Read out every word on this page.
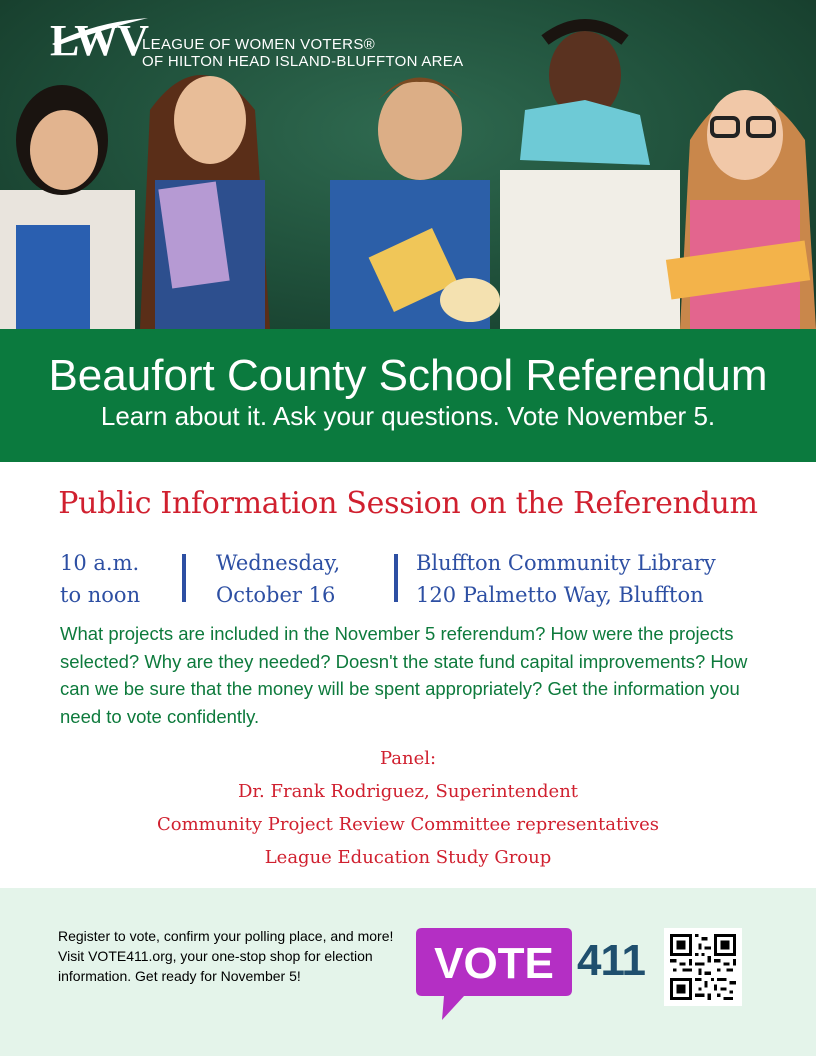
LWV
LEAGUE OF WOMEN VOTERS®
OF HILTON HEAD ISLAND-BLUFFTON AREA
Beaufort County School Referendum
Learn about it. Ask your questions. Vote November 5.
Public Information Session on the Referendum
10 a.m.
to noon
Wednesday,
October 16
Bluffton Community Library
120 Palmetto Way, Bluffton
What projects are included in the November 5 referendum? How were the projects selected? Why are they needed? Doesn't the state fund capital improvements? How can we be sure that the money will be spent appropriately? Get the information you need to vote confidently.
Panel:
Dr. Frank Rodriguez, Superintendent
Community Project Review Committee representatives
League Education Study Group
Register to vote, confirm your polling place, and more! Visit VOTE411.org, your one-stop shop for election information. Get ready for November 5!	VOTE 411
